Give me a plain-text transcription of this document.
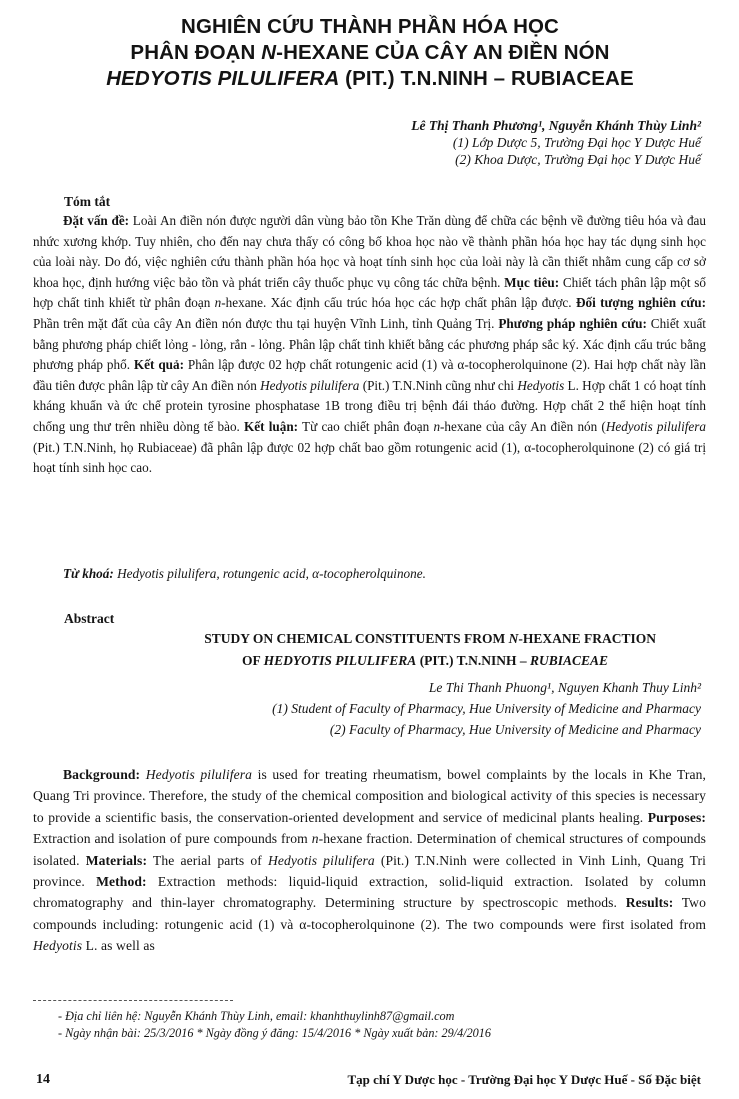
NGHIÊN CỨU THÀNH PHẦN HÓA HỌC
PHÂN ĐOẠN N-HEXANE CỦA CÂY AN ĐIỀN NÓN
HEDYOTIS PILULIFERA (PIT.) T.N.NINH – RUBIACEAE
Lê Thị Thanh Phương¹, Nguyễn Khánh Thùy Linh²
(1) Lớp Dược 5, Trường Đại học Y Dược Huế
(2) Khoa Dược, Trường Đại học Y Dược Huế
Tóm tắt
Đặt vấn đề: Loài An điền nón được người dân vùng bảo tồn Khe Trăn dùng để chữa các bệnh về đường tiêu hóa và đau nhức xương khớp. Tuy nhiên, cho đến nay chưa thấy có công bố khoa học nào về thành phần hóa học hay tác dụng sinh học của loài này. Do đó, việc nghiên cứu thành phần hóa học và hoạt tính sinh học của loài này là cần thiết nhằm cung cấp cơ sở khoa học, định hướng việc bảo tồn và phát triển cây thuốc phục vụ công tác chữa bệnh. Mục tiêu: Chiết tách phân lập một số hợp chất tinh khiết từ phân đoạn n-hexane. Xác định cấu trúc hóa học các hợp chất phân lập được. Đối tượng nghiên cứu: Phần trên mặt đất của cây An điền nón được thu tại huyện Vĩnh Linh, tỉnh Quảng Trị. Phương pháp nghiên cứu: Chiết xuất bằng phương pháp chiết lỏng - lỏng, rắn - lỏng. Phân lập chất tinh khiết bằng các phương pháp sắc ký. Xác định cấu trúc bằng phương pháp phổ. Kết quả: Phân lập được 02 hợp chất rotungenic acid (1) và α-tocopherolquinone (2). Hai hợp chất này lần đầu tiên được phân lập từ cây An điền nón Hedyotis pilulifera (Pit.) T.N.Ninh cũng như chi Hedyotis L. Hợp chất 1 có hoạt tính kháng khuẩn và ức chế protein tyrosine phosphatase 1B trong điều trị bệnh đái tháo đường. Hợp chất 2 thể hiện hoạt tính chống ung thư trên nhiều dòng tế bào. Kết luận: Từ cao chiết phân đoạn n-hexane của cây An điền nón (Hedyotis pilulifera (Pit.) T.N.Ninh, họ Rubiaceae) đã phân lập được 02 hợp chất bao gồm rotungenic acid (1), α-tocopherolquinone (2) có giá trị hoạt tính sinh học cao.
Từ khoá: Hedyotis pilulifera, rotungenic acid, α-tocopherolquinone.
Abstract
STUDY ON CHEMICAL CONSTITUENTS FROM N-HEXANE FRACTION
OF HEDYOTIS PILULIFERA (PIT.) T.N.NINH – RUBIACEAE
Le Thi Thanh Phuong¹, Nguyen Khanh Thuy Linh²
(1) Student of Faculty of Pharmacy, Hue University of Medicine and Pharmacy
(2) Faculty of Pharmacy, Hue University of Medicine and Pharmacy
Background: Hedyotis pilulifera is used for treating rheumatism, bowel complaints by the locals in Khe Tran, Quang Tri province. Therefore, the study of the chemical composition and biological activity of this species is necessary to provide a scientific basis, the conservation-oriented development and service of medicinal plants healing. Purposes: Extraction and isolation of pure compounds from n-hexane fraction. Determination of chemical structures of compounds isolated. Materials: The aerial parts of Hedyotis pilulifera (Pit.) T.N.Ninh were collected in Vinh Linh, Quang Tri province. Method: Extraction methods: liquid-liquid extraction, solid-liquid extraction. Isolated by column chromatography and thin-layer chromatography. Determining structure by spectroscopic methods. Results: Two compounds including: rotungenic acid (1) và α-tocopherolquinone (2). The two compounds were first isolated from Hedyotis L. as well as
- Địa chỉ liên hệ: Nguyễn Khánh Thùy Linh, email: khanhthuylinh87@gmail.com
- Ngày nhận bài: 25/3/2016 * Ngày đồng ý đăng: 15/4/2016 * Ngày xuất bản: 29/4/2016
14	Tạp chí Y Dược học - Trường Đại học Y Dược Huế - Số Đặc biệt
